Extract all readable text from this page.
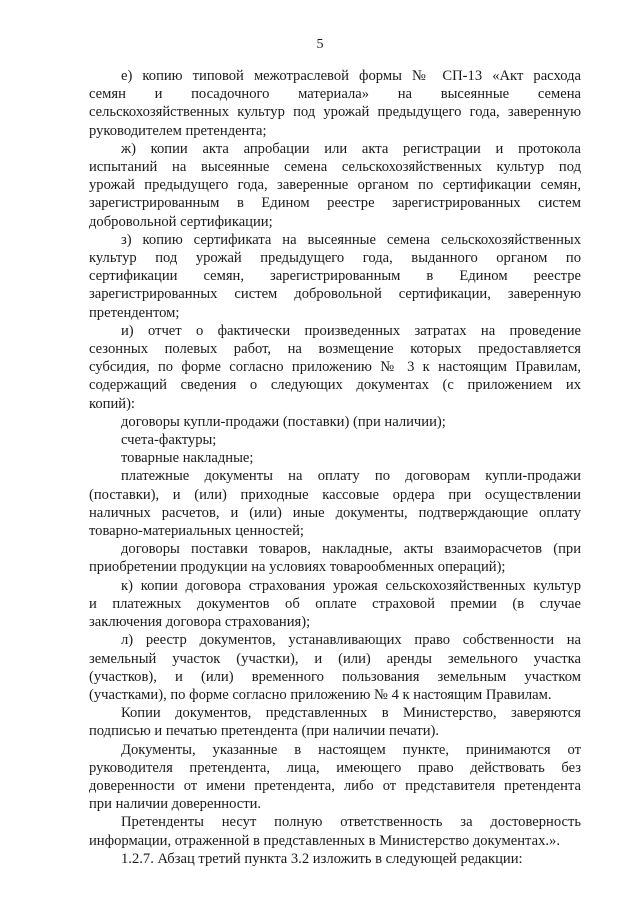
5

е) копию типовой межотраслевой формы № СП-13 «Акт расхода
семян и посадочного материала» на высеянные семена
сельскохозяйственных культур под урожай предыдущего года, заверенную
руководителем претендента;

ж) копии акта апробации или акта регистрации и протокола
испытаний на высеянные семена сельскохозяйственных культур под
урожай предыдущего года, заверенные органом по сертификации семян,
зарегистрированным в Едином реестре зарегистрированных систем
добровольной сертификации;

з) копию сертификата на высеянные семена сельскохозяйственных
культур под урожай предыдущего года, выданного органом по
сертификации семян, зарегистрированным в Едином реестре
зарегистрированных систем добровольной сертификации, заверенную
претендентом;

и) отчет о фактически произведенных затратах на проведение
сезонных полевых работ, на возмещение которых предоставляется
субсидия, по форме согласно приложению № 3 к настоящим Правилам,
содержащий сведения о следующих документах (с приложением их
копий):

договоры купли-продажи (поставки) (при наличии);

счета-фактуры;

товарные накладные;

платежные документы на оплату по договорам купли-продажи
(поставки), и (или) приходные кассовые ордера при осуществлении
наличных расчетов, и (или) иные документы, подтверждающие оплату
товарно-материальных ценностей;

договоры поставки товаров, накладные, акты взаиморасчетов (при
приобретении продукции на условиях товарообменных операций);

к) копии договора страхования урожая сельскохозяйственных культур
и платежных документов об оплате страховой премии (в случае
заключения договора страхования);

л) реестр документов, устанавливающих право собственности на
земельный участок (участки), и (или) аренды земельного участка
(участков), и (или) временного пользования земельным участком
(участками), по форме согласно приложению № 4 к настоящим Правилам.

Копии документов, представленных в Министерство, заверяются
подписью и печатью претендента (при наличии печати).

Документы, указанные в настоящем пункте, принимаются от
руководителя претендента, лица, имеющего право действовать без
доверенности от имени претендента, либо от представителя претендента
при наличии доверенности.

Претенденты несут полную ответственность за достоверность
информации, отраженной в представленных в Министерство документах.».

1.2.7. Абзац третий пункта 3.2 изложить в следующей редакции:
